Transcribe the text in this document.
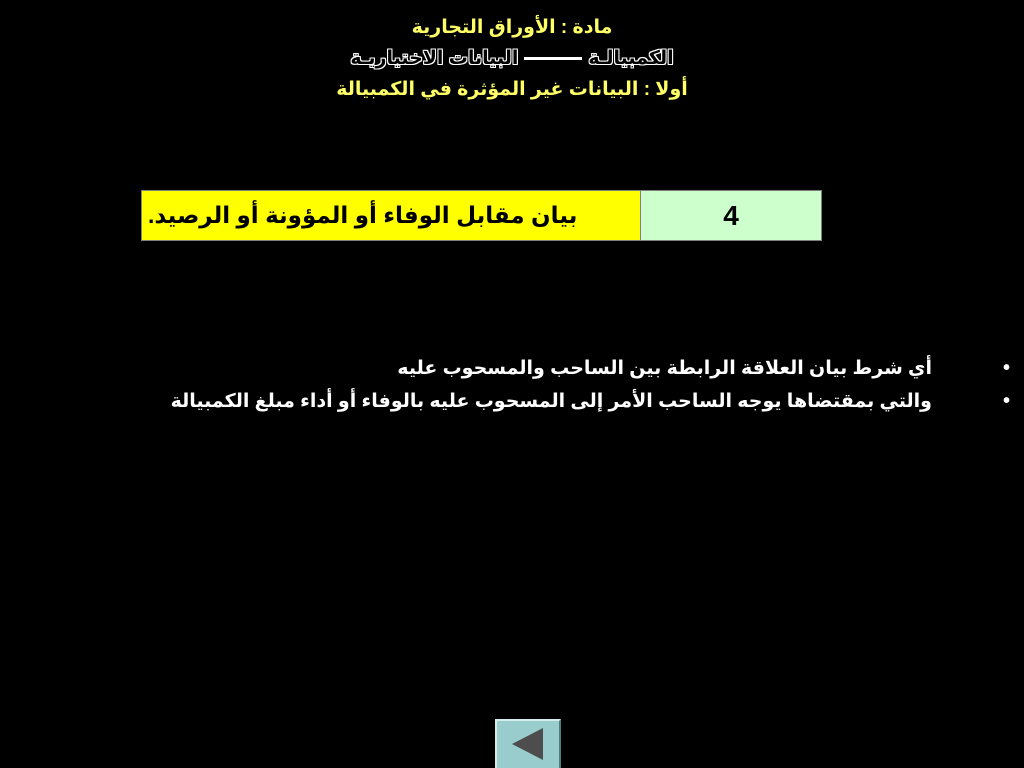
مادة : الأوراق التجارية
الكمبيالـةالبيانات الاختياريـة
أولا : البيانات غير المؤثرة في الكمبيالة
بيان مقابل الوفاء أو المؤونة أو الرصيد
.	4
•
أي شرط بيان العلاقة الرابطة بين الساحب والمسحوب عليه
•
والتي بمقتضاها يوجه الساحب الأمر إلى المسحوب عليه بالوفاء أو أداء مبلغ الكمبيالة
